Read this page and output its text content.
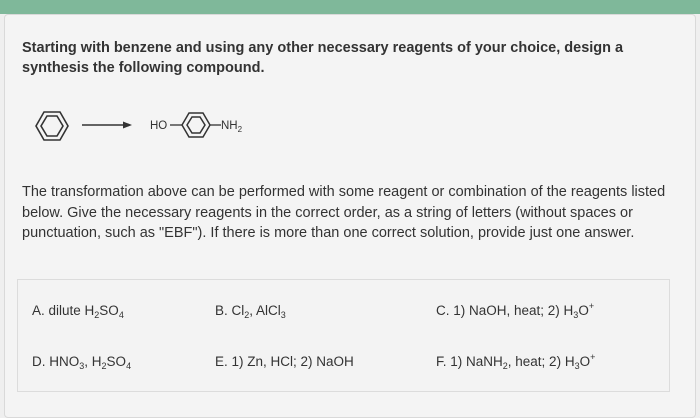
Starting with benzene and using any other necessary reagents of your choice, design a synthesis the following compound.
HO	$NH_2$
The transformation above can be performed with some reagent or combination of the reagents listed below. Give the necessary reagents in the correct order, as a string of letters (without spaces or punctuation, such as "EBF"). If there is more than one correct solution, provide just one answer.
A. dilute $H_2SO_4$	B. $Cl_2$, AlCl$_3$	C. 1) NaOH, heat; 2) $H_3O^+$
D. $HNO_3$, $H_2SO_4$	E. 1) Zn, HCl; 2) NaOH	F. 1) NaNH$_2$, heat; 2) $H_3O^+$
